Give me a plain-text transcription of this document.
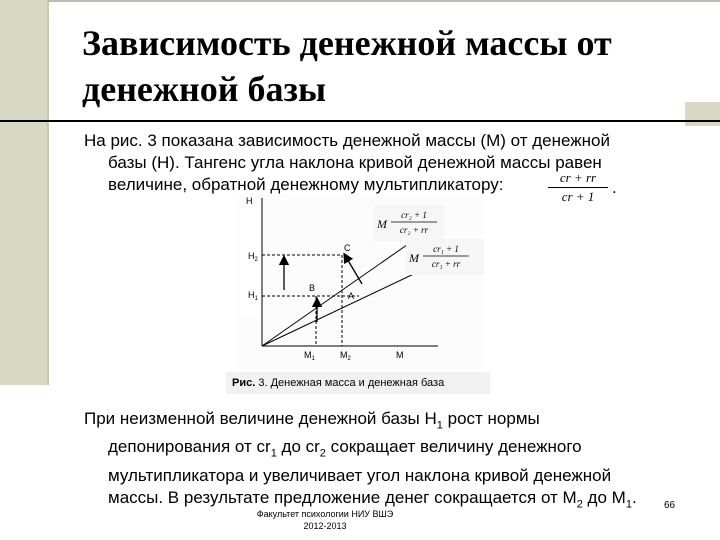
Зависимость денежной массы от
денежной базы

На рис. 3 показана зависимость денежной массы (M) от денежной
базы (H). Тангенс угла наклона кривой денежной массы равен
величине, обратной денежному мультипликатору:	$\frac{cr + rr}{cr + 1}$ .
H
$H_2$
$H_1$
C
B
A
$M_1$	$M_2$	M
M
cr₂ + 1
cr₂ + rr
M
cr₁ + 1
cr₁ + rr
Рис. 3. Денежная масса и денежная база

При неизменной величине денежной базы $H_1$ рост нормы
депонирования от $cr_1$ до $cr_2$ сокращает величину денежного
мультипликатора и увеличивает угол наклона кривой денежной
массы. В результате предложение денег сокращается от $M_2$ до $M_1$.	66
Факультет психологии НИУ ВШЭ
2012-2013
